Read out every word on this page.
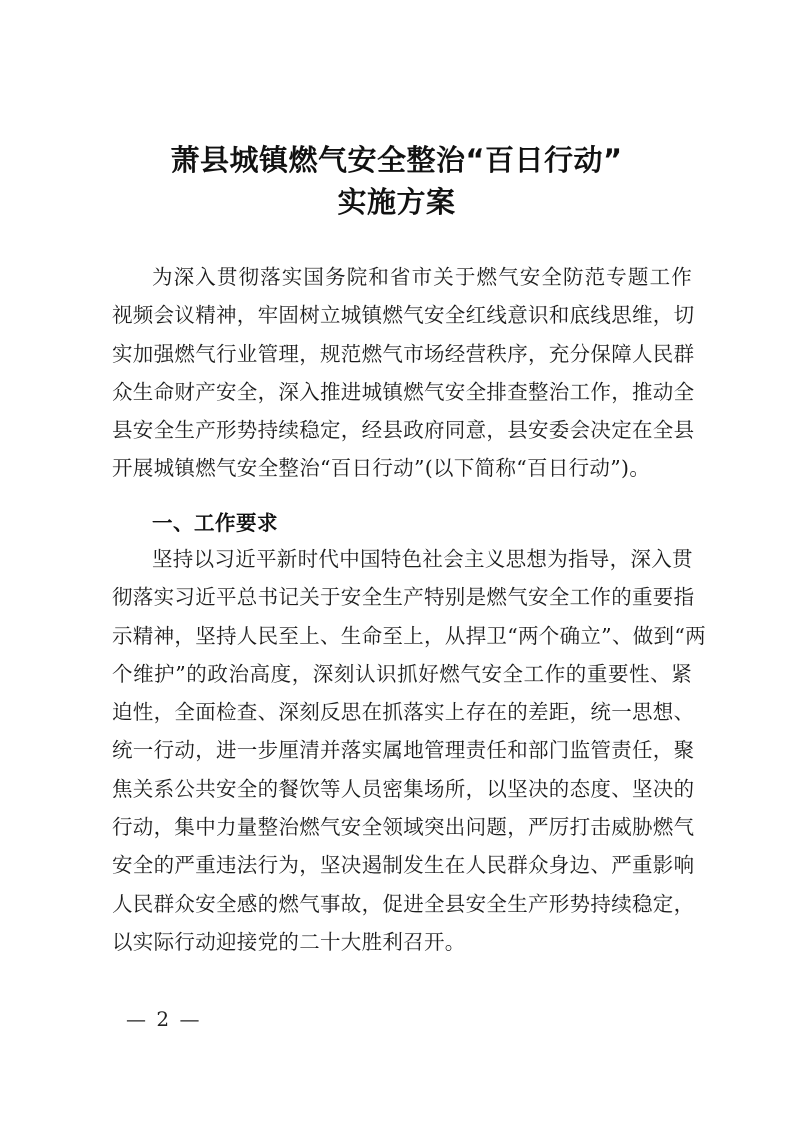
萧县城镇燃气安全整治“百日行动”
实施方案
为深入贯彻落实国务院和省市关于燃气安全防范专题工作
视频会议精神，牢固树立城镇燃气安全红线意识和底线思维，切
实加强燃气行业管理，规范燃气市场经营秩序，充分保障人民群
众生命财产安全，深入推进城镇燃气安全排查整治工作，推动全
县安全生产形势持续稳定，经县政府同意，县安委会决定在全县
开展城镇燃气安全整治“百日行动”(以下简称“百日行动”)。
一、工作要求
坚持以习近平新时代中国特色社会主义思想为指导，深入贯
彻落实习近平总书记关于安全生产特别是燃气安全工作的重要指
示精神，坚持人民至上、生命至上，从捍卫“两个确立”、做到“两
个维护”的政治高度，深刻认识抓好燃气安全工作的重要性、紧
迫性，全面检查、深刻反思在抓落实上存在的差距，统一思想、
统一行动，进一步厘清并落实属地管理责任和部门监管责任，聚
焦关系公共安全的餐饮等人员密集场所，以坚决的态度、坚决的
行动，集中力量整治燃气安全领域突出问题，严厉打击威胁燃气
安全的严重违法行为，坚决遏制发生在人民群众身边、严重影响
人民群众安全感的燃气事故，促进全县安全生产形势持续稳定，
以实际行动迎接党的二十大胜利召开。
— 2 —
